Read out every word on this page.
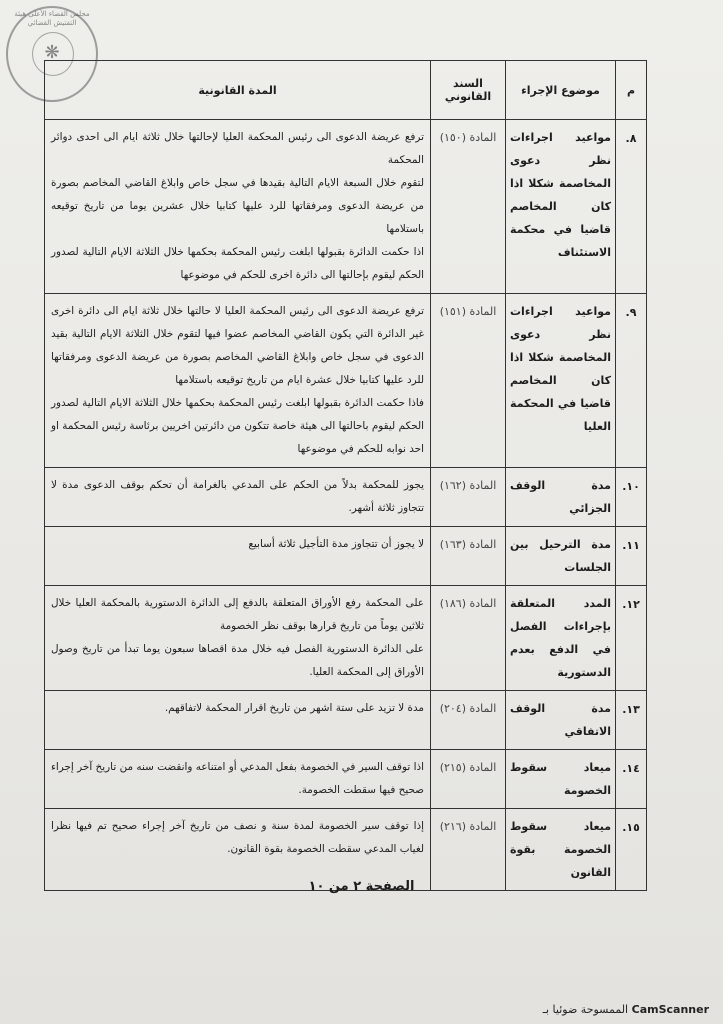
مجلس القضاء الأعلى هيئة التفتيش القضائي
❋
م	موضوع الإجراء	السند القانوني	المدة القانونية
٨.	مواعيد اجراءات نظر دعوى المخاصمة شكلا اذا كان المخاصم قاضيا في محكمة الاستئناف	المادة (١٥٠)	ترفع عريضة الدعوى الى رئيس المحكمة العليا لإحالتها خلال ثلاثة ايام الى احدى دوائر المحكمة

لتقوم خلال السبعة الايام التالية بقيدها في سجل خاص وابلاغ القاضي المخاصم بصورة من عريضة الدعوى ومرفقاتها للرد عليها كتابيا خلال عشرين يوما من تاريخ توقيعه باستلامها

اذا حكمت الدائرة بقبولها ابلغت رئيس المحكمة بحكمها خلال الثلاثة الايام التالية لصدور الحكم ليقوم بإحالتها الى دائرة اخرى للحكم في موضوعها

٩.	مواعيد اجراءات نظر دعوى المخاصمة شكلا اذا كان المخاصم قاضيا في المحكمة العليا	المادة (١٥١)	ترفع عريضة الدعوى الى رئيس المحكمة العليا لا حالتها خلال ثلاثة ايام الى دائرة اخرى غير الدائرة التي يكون القاضي المخاصم عضوا فيها لتقوم خلال الثلاثة الايام التالية بقيد الدعوى في سجل خاص وابلاغ القاضي المخاصم بصورة من عريضة الدعوى ومرفقاتها للرد عليها كتابيا خلال عشرة ايام من تاريخ توقيعه باستلامها

فاذا حكمت الدائرة بقبولها ابلغت رئيس المحكمة بحكمها خلال الثلاثة الايام التالية لصدور الحكم ليقوم باحالتها الى هيئة خاصة تتكون من دائرتين اخريين برئاسة رئيس المحكمة او احد نوابه للحكم في موضوعها

١٠.	مدة الوقف الجزائي	المادة (١٦٢)	يجوز للمحكمة بدلاً من الحكم على المدعي بالغرامة أن تحكم بوقف الدعوى مدة لا تتجاوز ثلاثة أشهر.

١١.	مدة الترحيل بين الجلسات	المادة (١٦٣)	لا يجوز أن تتجاوز مدة التأجيل ثلاثة أسابيع

١٢.	المدد المتعلقة بإجراءات الفصل في الدفع بعدم الدستورية	المادة (١٨٦)	على المحكمة رفع الأوراق المتعلقة بالدفع إلى الدائرة الدستورية بالمحكمة العليا خلال ثلاثين يوماً من تاريخ قرارها بوقف نظر الخصومة

على الدائرة الدستورية الفصل فيه خلال مدة اقصاها سبعون يوما تبدأ من تاريخ وصول الأوراق إلى المحكمة العليا.

١٣.	مدة الوقف الاتفاقي	المادة (٢٠٤)	مدة لا تزيد على ستة اشهر من تاريخ اقرار المحكمة لاتفاقهم.

١٤.	ميعاد سقوط الخصومة	المادة (٢١٥)	اذا توقف السير في الخصومة بفعل المدعي أو امتناعه وانقضت سنه من تاريخ آخر إجراء صحيح فيها سقطت الخصومة.

١٥.	ميعاد سقوط الخصومة بقوة القانون	المادة (٢١٦)	إذا توقف سير الخصومة لمدة سنة و نصف من تاريخ آخر إجراء صحيح تم فيها نظرا لغياب المدعي سقطت الخصومة بقوة القانون.

الصفحة ٢ من ١٠
الممسوحة ضوئيا بـ CamScanner
